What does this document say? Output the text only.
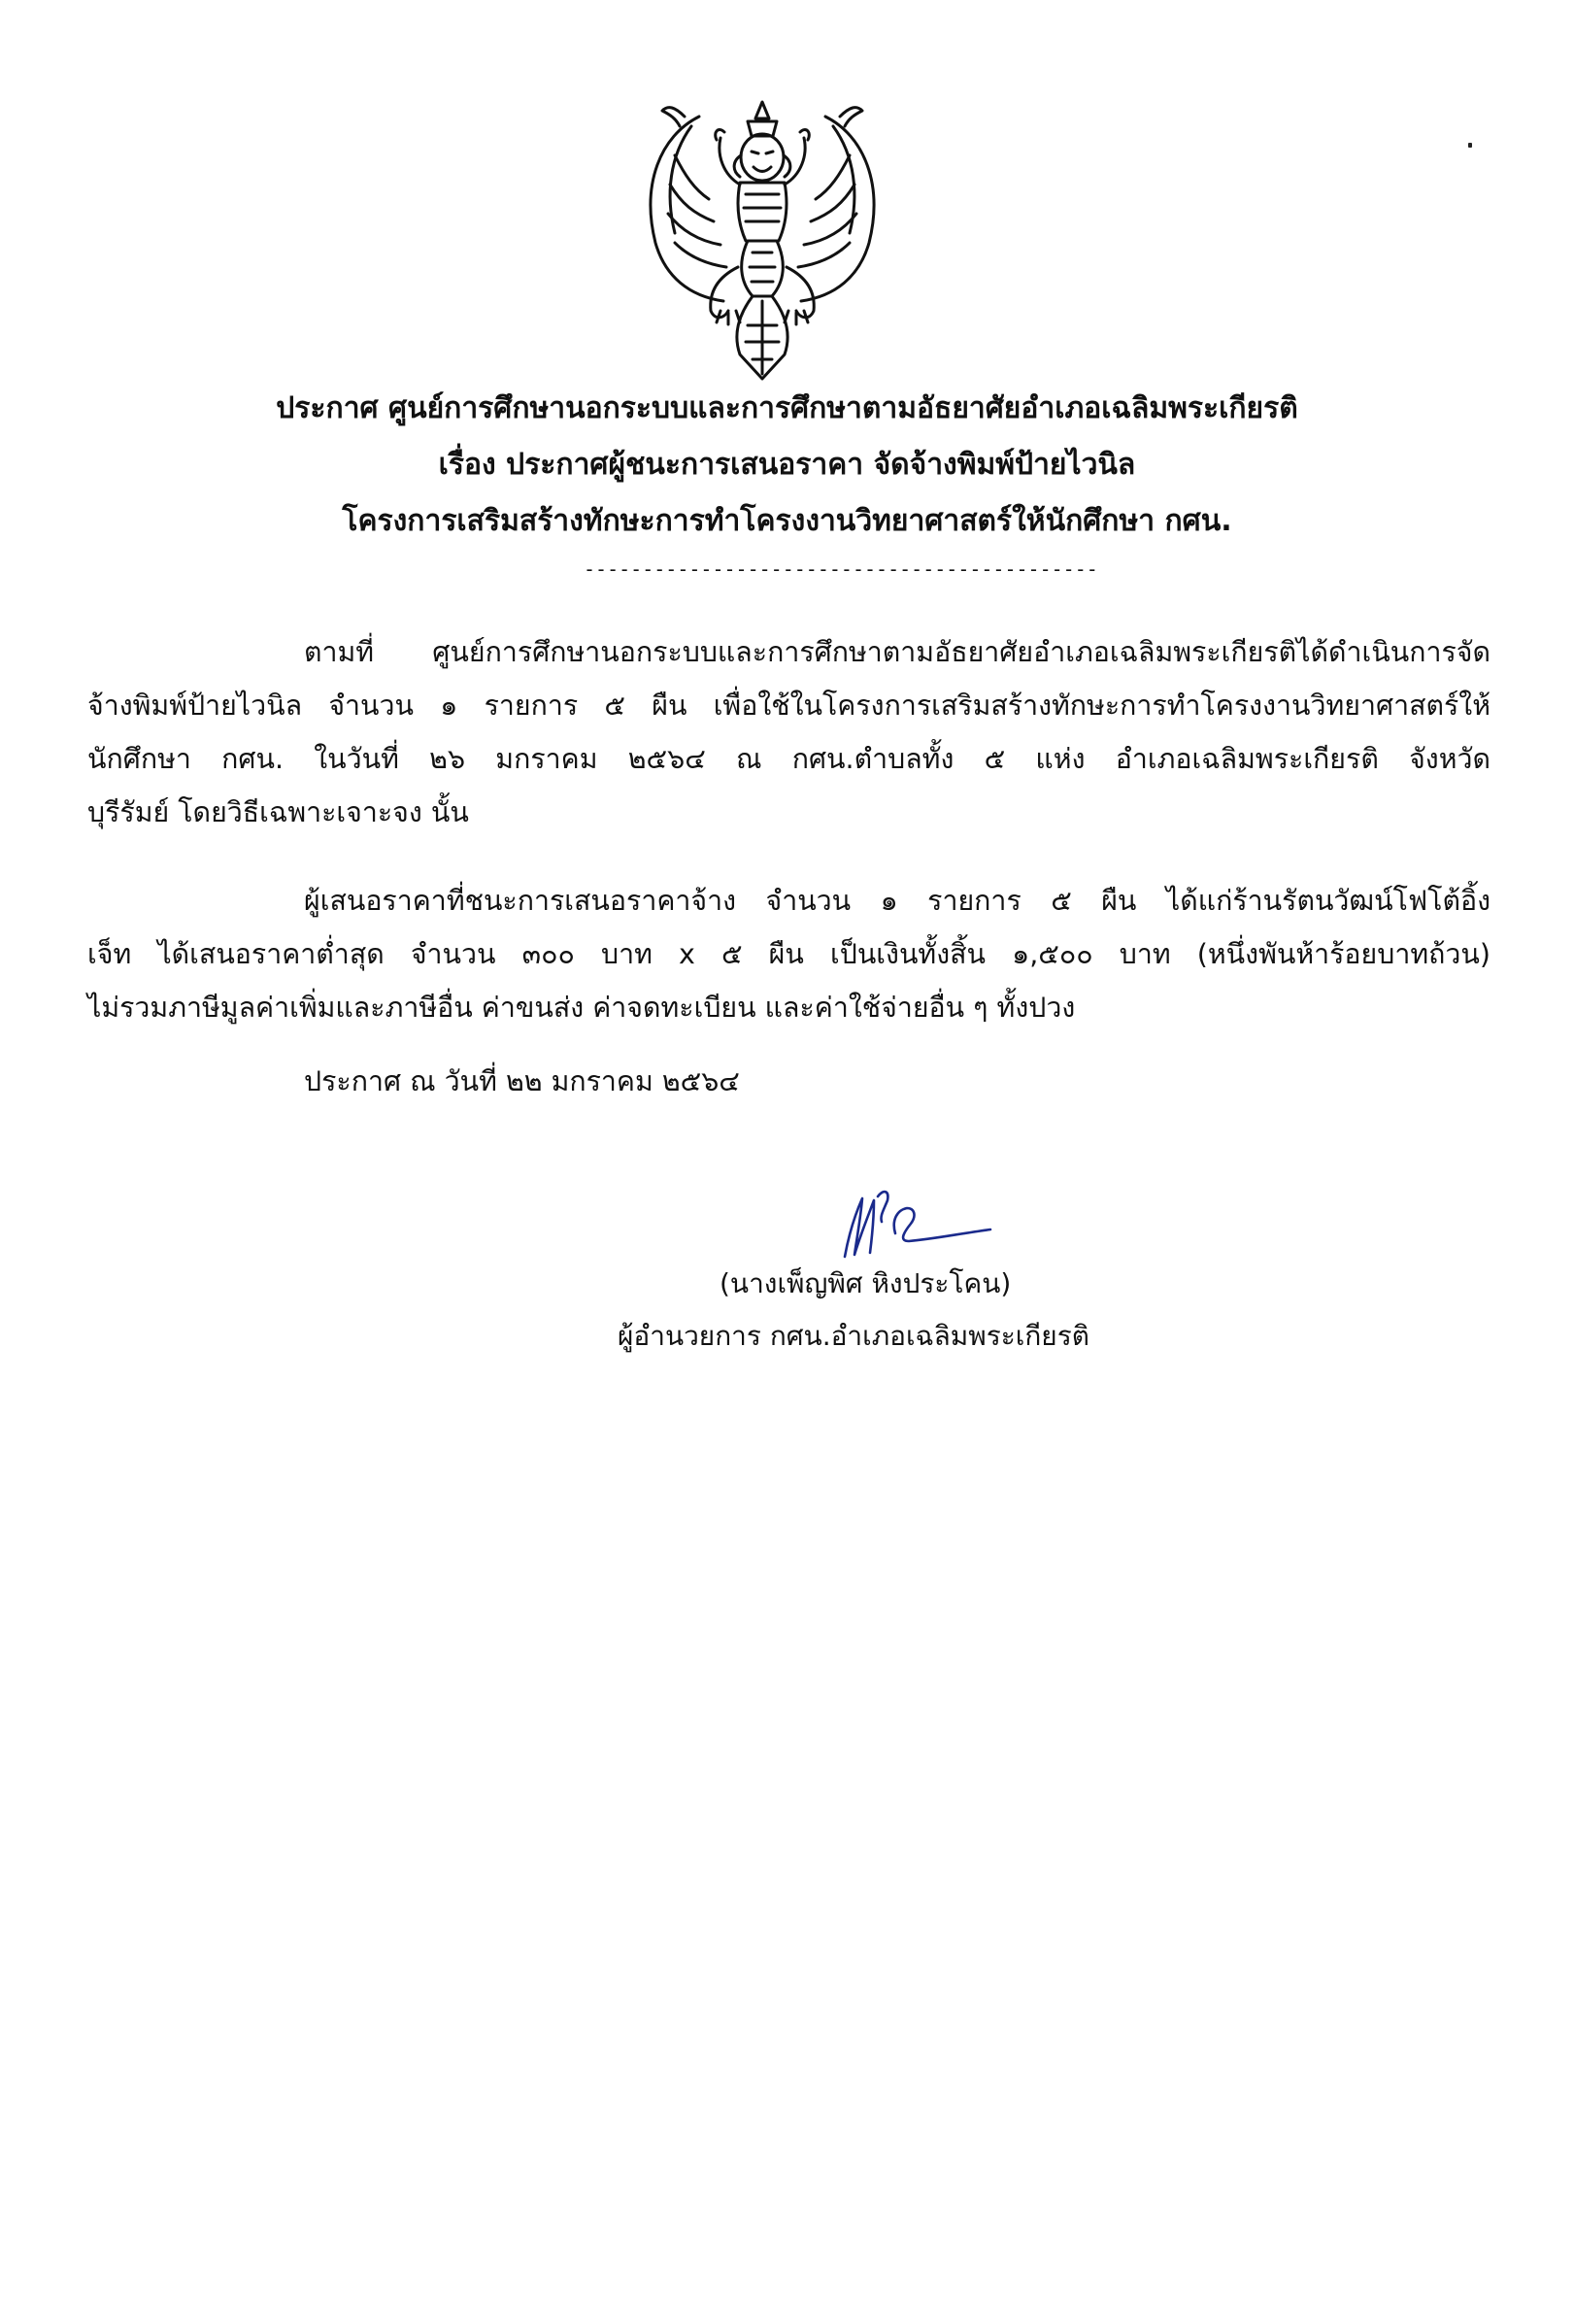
ประกาศ ศูนย์การศึกษานอกระบบและการศึกษาตามอัธยาศัยอำเภอเฉลิมพระเกียรติ
เรื่อง ประกาศผู้ชนะการเสนอราคา จัดจ้างพิมพ์ป้ายไวนิล
โครงการเสริมสร้างทักษะการทำโครงงานวิทยาศาสตร์ให้นักศึกษา กศน.
--------------------------------------------
ตามที่ ศูนย์การศึกษานอกระบบและการศึกษาตามอัธยาศัยอำเภอเฉลิมพระเกียรติได้ดำเนินการจัด
จ้างพิมพ์ป้ายไวนิล จำนวน ๑ รายการ ๕ ผืน เพื่อใช้ในโครงการเสริมสร้างทักษะการทำโครงงานวิทยาศาสตร์ให้
นักศึกษา กศน. ในวันที่ ๒๖ มกราคม ๒๕๖๔ ณ กศน.ตำบลทั้ง ๕ แห่ง อำเภอเฉลิมพระเกียรติ จังหวัด
บุรีรัมย์ โดยวิธีเฉพาะเจาะจง นั้น
ผู้เสนอราคาที่ชนะการเสนอราคาจ้าง จำนวน ๑ รายการ ๕ ผืน ได้แก่ร้านรัตนวัฒน์โฟโต้อิ้ง
เจ็ท ได้เสนอราคาต่ำสุด จำนวน ๓๐๐ บาท x ๕ ผืน เป็นเงินทั้งสิ้น ๑,๕๐๐ บาท (หนึ่งพันห้าร้อยบาทถ้วน)
ไม่รวมภาษีมูลค่าเพิ่มและภาษีอื่น ค่าขนส่ง ค่าจดทะเบียน และค่าใช้จ่ายอื่น ๆ ทั้งปวง
ประกาศ ณ วันที่ ๒๒ มกราคม ๒๕๖๔
(นางเพ็ญพิศ หิงประโคน)
ผู้อำนวยการ กศน.อำเภอเฉลิมพระเกียรติ
